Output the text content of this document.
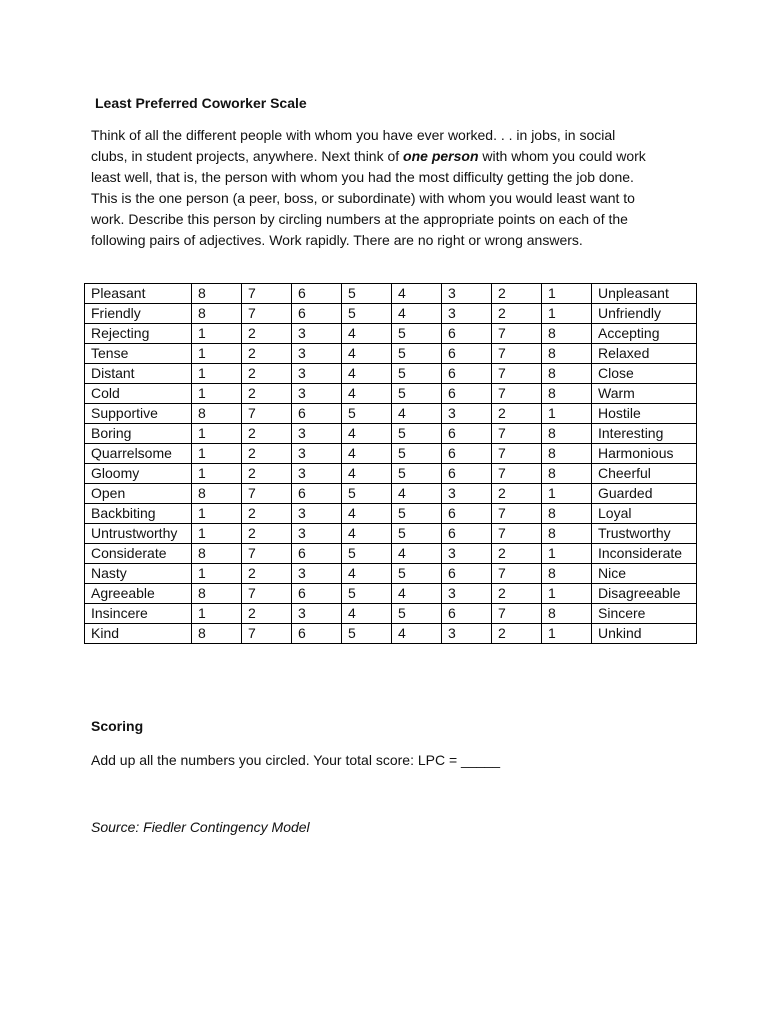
Least Preferred Coworker Scale

Think of all the different people with whom you have ever worked. . . in jobs, in social clubs, in student projects, anywhere. Next think of one person with whom you could work least well, that is, the person with whom you had the most difficulty getting the job done. This is the one person (a peer, boss, or subordinate) with whom you would least want to work. Describe this person by circling numbers at the appropriate points on each of the following pairs of adjectives. Work rapidly. There are no right or wrong answers.

Pleasant	8	7	6	5	4	3	2	1	Unpleasant
Friendly	8	7	6	5	4	3	2	1	Unfriendly
Rejecting	1	2	3	4	5	6	7	8	Accepting
Tense	1	2	3	4	5	6	7	8	Relaxed
Distant	1	2	3	4	5	6	7	8	Close
Cold	1	2	3	4	5	6	7	8	Warm
Supportive	8	7	6	5	4	3	2	1	Hostile
Boring	1	2	3	4	5	6	7	8	Interesting
Quarrelsome	1	2	3	4	5	6	7	8	Harmonious
Gloomy	1	2	3	4	5	6	7	8	Cheerful
Open	8	7	6	5	4	3	2	1	Guarded
Backbiting	1	2	3	4	5	6	7	8	Loyal
Untrustworthy	1	2	3	4	5	6	7	8	Trustworthy
Considerate	8	7	6	5	4	3	2	1	Inconsiderate
Nasty	1	2	3	4	5	6	7	8	Nice
Agreeable	8	7	6	5	4	3	2	1	Disagreeable
Insincere	1	2	3	4	5	6	7	8	Sincere
Kind	8	7	6	5	4	3	2	1	Unkind
Scoring

Add up all the numbers you circled. Your total score: LPC = _____

Source: Fiedler Contingency Model
